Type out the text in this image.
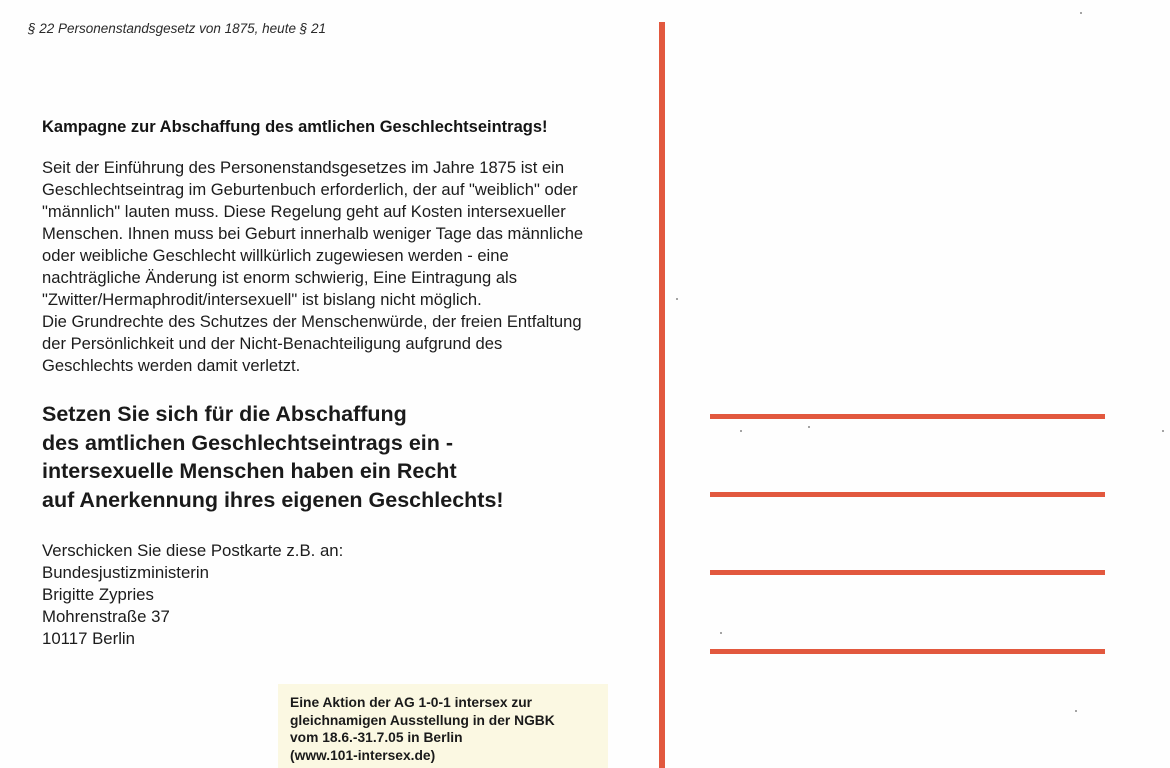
§ 22 Personenstandsgesetz von 1875, heute § 21
Kampagne zur Abschaffung des amtlichen Geschlechtseintrags!

Seit der Einführung des Personenstandsgesetzes im Jahre 1875 ist ein

Geschlechtseintrag im Geburtenbuch erforderlich, der auf "weiblich" oder

"männlich" lauten muss. Diese Regelung geht auf Kosten intersexueller

Menschen. Ihnen muss bei Geburt innerhalb weniger Tage das männliche

oder weibliche Geschlecht willkürlich zugewiesen werden - eine

nachträgliche Änderung ist enorm schwierig, Eine Eintragung als

"Zwitter/Hermaphrodit/intersexuell" ist bislang nicht möglich.

Die Grundrechte des Schutzes der Menschenwürde, der freien Entfaltung

der Persönlichkeit und der Nicht-Benachteiligung aufgrund des

Geschlechts werden damit verletzt.

Setzen Sie sich für die Abschaffung

des amtlichen Geschlechtseintrags ein -

intersexuelle Menschen haben ein Recht

auf Anerkennung ihres eigenen Geschlechts!

Verschicken Sie diese Postkarte z.B. an:

Bundesjustizministerin

Brigitte Zypries

Mohrenstraße 37

10117 Berlin

Eine Aktion der AG 1-0-1 intersex zur

gleichnamigen Ausstellung in der NGBK

vom 18.6.-31.7.05 in Berlin

(www.101-intersex.de)
